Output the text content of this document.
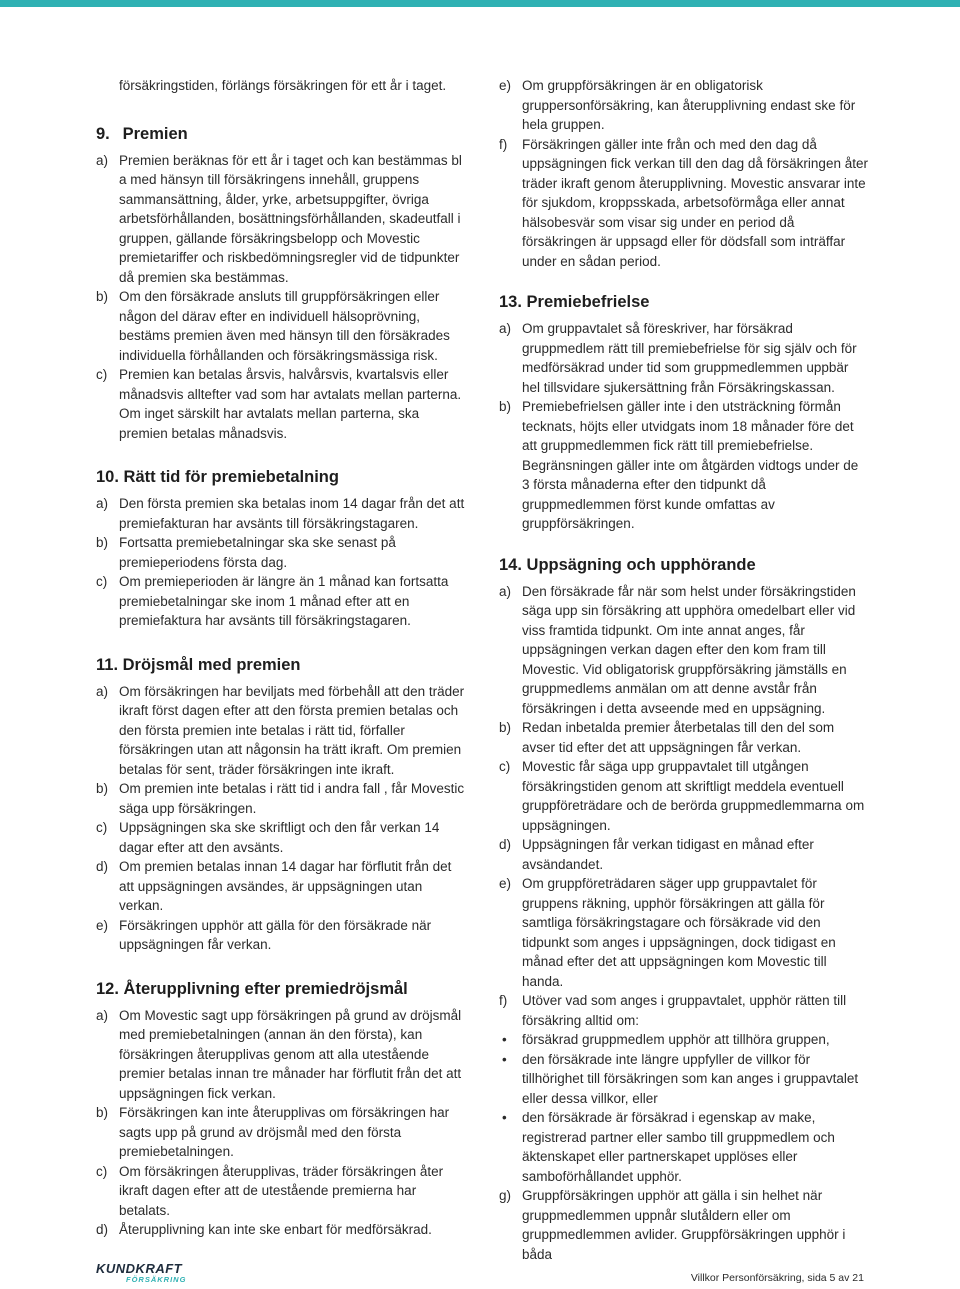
försäkringstiden, förlängs försäkringen för ett år i taget.

9. Premien

a) Premien beräknas för ett år i taget och kan bestämmas bl a med hänsyn till försäkringens innehåll, gruppens sammansättning, ålder, yrke, arbetsuppgifter, övriga arbetsförhållanden, bosättningsförhållanden, skadeutfall i gruppen, gällande försäkringsbelopp och Movestic premietariffer och riskbedömningsregler vid de tidpunkter då premien ska bestämmas.

b) Om den försäkrade ansluts till gruppförsäkringen eller någon del därav efter en individuell hälsoprövning, bestäms premien även med hänsyn till den försäkrades individuella förhållanden och försäkringsmässiga risk.

c) Premien kan betalas årsvis, halvårsvis, kvartalsvis eller månadsvis alltefter vad som har avtalats mellan parterna. Om inget särskilt har avtalats mellan parterna, ska premien betalas månadsvis.

10. Rätt tid för premiebetalning

a) Den första premien ska betalas inom 14 dagar från det att premiefakturan har avsänts till försäkringstagaren.

b) Fortsatta premiebetalningar ska ske senast på premieperiodens första dag.

c) Om premieperioden är längre än 1 månad kan fortsatta premiebetalningar ske inom 1 månad efter att en premiefaktura har avsänts till försäkringstagaren.

11. Dröjsmål med premien

a) Om försäkringen har beviljats med förbehåll att den träder ikraft först dagen efter att den första premien betalas och den första premien inte betalas i rätt tid, förfaller försäkringen utan att någonsin ha trätt ikraft. Om premien betalas för sent, träder försäkringen inte ikraft.

b) Om premien inte betalas i rätt tid i andra fall , får Movestic säga upp försäkringen.

c) Uppsägningen ska ske skriftligt och den får verkan 14 dagar efter att den avsänts.

d) Om premien betalas innan 14 dagar har förflutit från det att uppsägningen avsändes, är uppsägningen utan verkan.

e) Försäkringen upphör att gälla för den försäkrade när uppsägningen får verkan.

12. Återupplivning efter premiedröjsmål

a) Om Movestic sagt upp försäkringen på grund av dröjsmål med premiebetalningen (annan än den första), kan försäkringen återupplivas genom att alla utestående premier betalas innan tre månader har förflutit från det att uppsägningen fick verkan.

b) Försäkringen kan inte återupplivas om försäkringen har sagts upp på grund av dröjsmål med den första premiebetalningen.

c) Om försäkringen återupplivas, träder försäkringen åter ikraft dagen efter att de utestående premierna har betalats.

d) Återupplivning kan inte ske enbart för medförsäkrad.

e) Om gruppförsäkringen är en obligatorisk gruppersonförsäkring, kan återupplivning endast ske för hela gruppen.

f) Försäkringen gäller inte från och med den dag då uppsägningen fick verkan till den dag då försäkringen åter träder ikraft genom återupplivning. Movestic ansvarar inte för sjukdom, kroppsskada, arbetsoförmåga eller annat hälsobesvär som visar sig under en period då försäkringen är uppsagd eller för dödsfall som inträffar under en sådan period.

13. Premiebefrielse

a) Om gruppavtalet så föreskriver, har försäkrad gruppmedlem rätt till premiebefrielse för sig själv och för medförsäkrad under tid som gruppmedlemmen uppbär hel tillsvidare sjukersättning från Försäkringskassan.

b) Premiebefrielsen gäller inte i den utsträckning förmån tecknats, höjts eller utvidgats inom 18 månader före det att gruppmedlemmen fick rätt till premiebefrielse. Begränsningen gäller inte om åtgärden vidtogs under de 3 första månaderna efter den tidpunkt då gruppmedlemmen först kunde omfattas av gruppförsäkringen.

14. Uppsägning och upphörande

a) Den försäkrade får när som helst under försäkringstiden säga upp sin försäkring att upphöra omedelbart eller vid viss framtida tidpunkt. Om inte annat anges, får uppsägningen verkan dagen efter den kom fram till Movestic. Vid obligatorisk gruppförsäkring jämställs en gruppmedlems anmälan om att denne avstår från försäkringen i detta avseende med en uppsägning.

b) Redan inbetalda premier återbetalas till den del som avser tid efter det att uppsägningen får verkan.

c) Movestic får säga upp gruppavtalet till utgången försäkringstiden genom att skriftligt meddela eventuell gruppföreträdare och de berörda gruppmedlemmarna om uppsägningen.

d) Uppsägningen får verkan tidigast en månad efter avsändandet.

e) Om gruppföreträdaren säger upp gruppavtalet för gruppens räkning, upphör försäkringen att gälla för samtliga försäkringstagare och försäkrade vid den tidpunkt som anges i uppsägningen, dock tidigast en månad efter det att uppsägningen kom Movestic till handa.

f) Utöver vad som anges i gruppavtalet, upphör rätten till försäkring alltid om:

• försäkrad gruppmedlem upphör att tillhöra gruppen,

• den försäkrade inte längre uppfyller de villkor för tillhörighet till försäkringen som kan anges i gruppavtalet eller dessa villkor, eller

• den försäkrade är försäkrad i egenskap av make, registrerad partner eller sambo till gruppmedlem och äktenskapet eller partnerskapet upplöses eller samboförhållandet upphör.

g) Gruppförsäkringen upphör att gälla i sin helhet när gruppmedlemmen uppnår slutåldern eller om gruppmedlemmen avlider. Gruppförsäkringen upphör i båda

KUNDKRAFT
FÖRSÄKRING	Villkor Personförsäkring, sida 5 av 21
